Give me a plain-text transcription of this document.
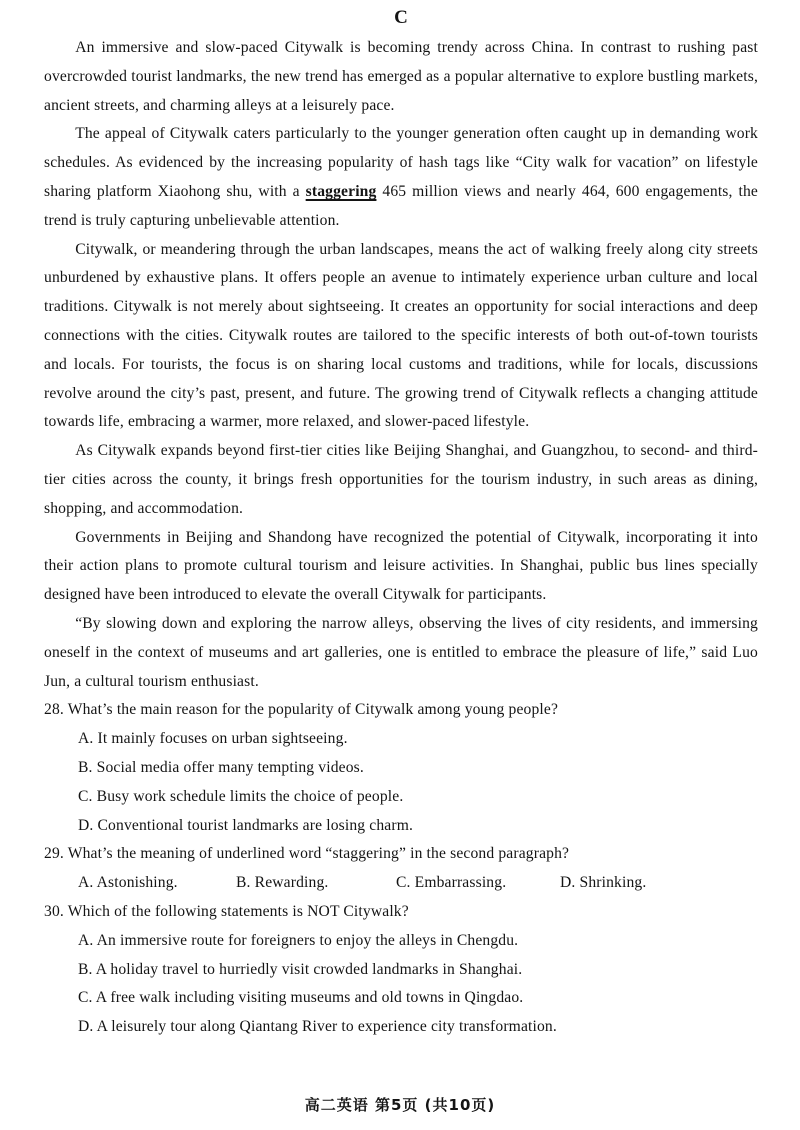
C

An immersive and slow-paced Citywalk is becoming trendy across China. In contrast to rushing past overcrowded tourist landmarks, the new trend has emerged as a popular alternative to explore bustling markets, ancient streets, and charming alleys at a leisurely pace.

The appeal of Citywalk caters particularly to the younger generation often caught up in demanding work schedules. As evidenced by the increasing popularity of hash tags like “City walk for vacation” on lifestyle sharing platform Xiaohong shu, with a staggering 465 million views and nearly 464, 600 engagements, the trend is truly capturing unbelievable attention.

Citywalk, or meandering through the urban landscapes, means the act of walking freely along city streets unburdened by exhaustive plans. It offers people an avenue to intimately experience urban culture and local traditions. Citywalk is not merely about sightseeing. It creates an opportunity for social interactions and deep connections with the cities. Citywalk routes are tailored to the specific interests of both out-of-town tourists and locals. For tourists, the focus is on sharing local customs and traditions, while for locals, discussions revolve around the city’s past, present, and future. The growing trend of Citywalk reflects a changing attitude towards life, embracing a warmer, more relaxed, and slower-paced lifestyle.

As Citywalk expands beyond first-tier cities like Beijing Shanghai, and Guangzhou, to second- and third-tier cities across the county, it brings fresh opportunities for the tourism industry, in such areas as dining, shopping, and accommodation.

Governments in Beijing and Shandong have recognized the potential of Citywalk, incorporating it into their action plans to promote cultural tourism and leisure activities. In Shanghai, public bus lines specially designed have been introduced to elevate the overall Citywalk for participants.

“By slowing down and exploring the narrow alleys, observing the lives of city residents, and immersing oneself in the context of museums and art galleries, one is entitled to embrace the pleasure of life,” said Luo Jun, a cultural tourism enthusiast.

28. What’s the main reason for the popularity of Citywalk among young people?

A. It mainly focuses on urban sightseeing.

B. Social media offer many tempting videos.

C. Busy work schedule limits the choice of people.

D. Conventional tourist landmarks are losing charm.

29. What’s the meaning of underlined word “staggering” in the second paragraph?

A. Astonishing.	B. Rewarding.	C. Embarrassing.	D. Shrinking.

30. Which of the following statements is NOT Citywalk?

A. An immersive route for foreigners to enjoy the alleys in Chengdu.

B. A holiday travel to hurriedly visit crowded landmarks in Shanghai.

C. A free walk including visiting museums and old towns in Qingdao.

D. A leisurely tour along Qiantang River to experience city transformation.

高二英语 第5页 (共10页)
